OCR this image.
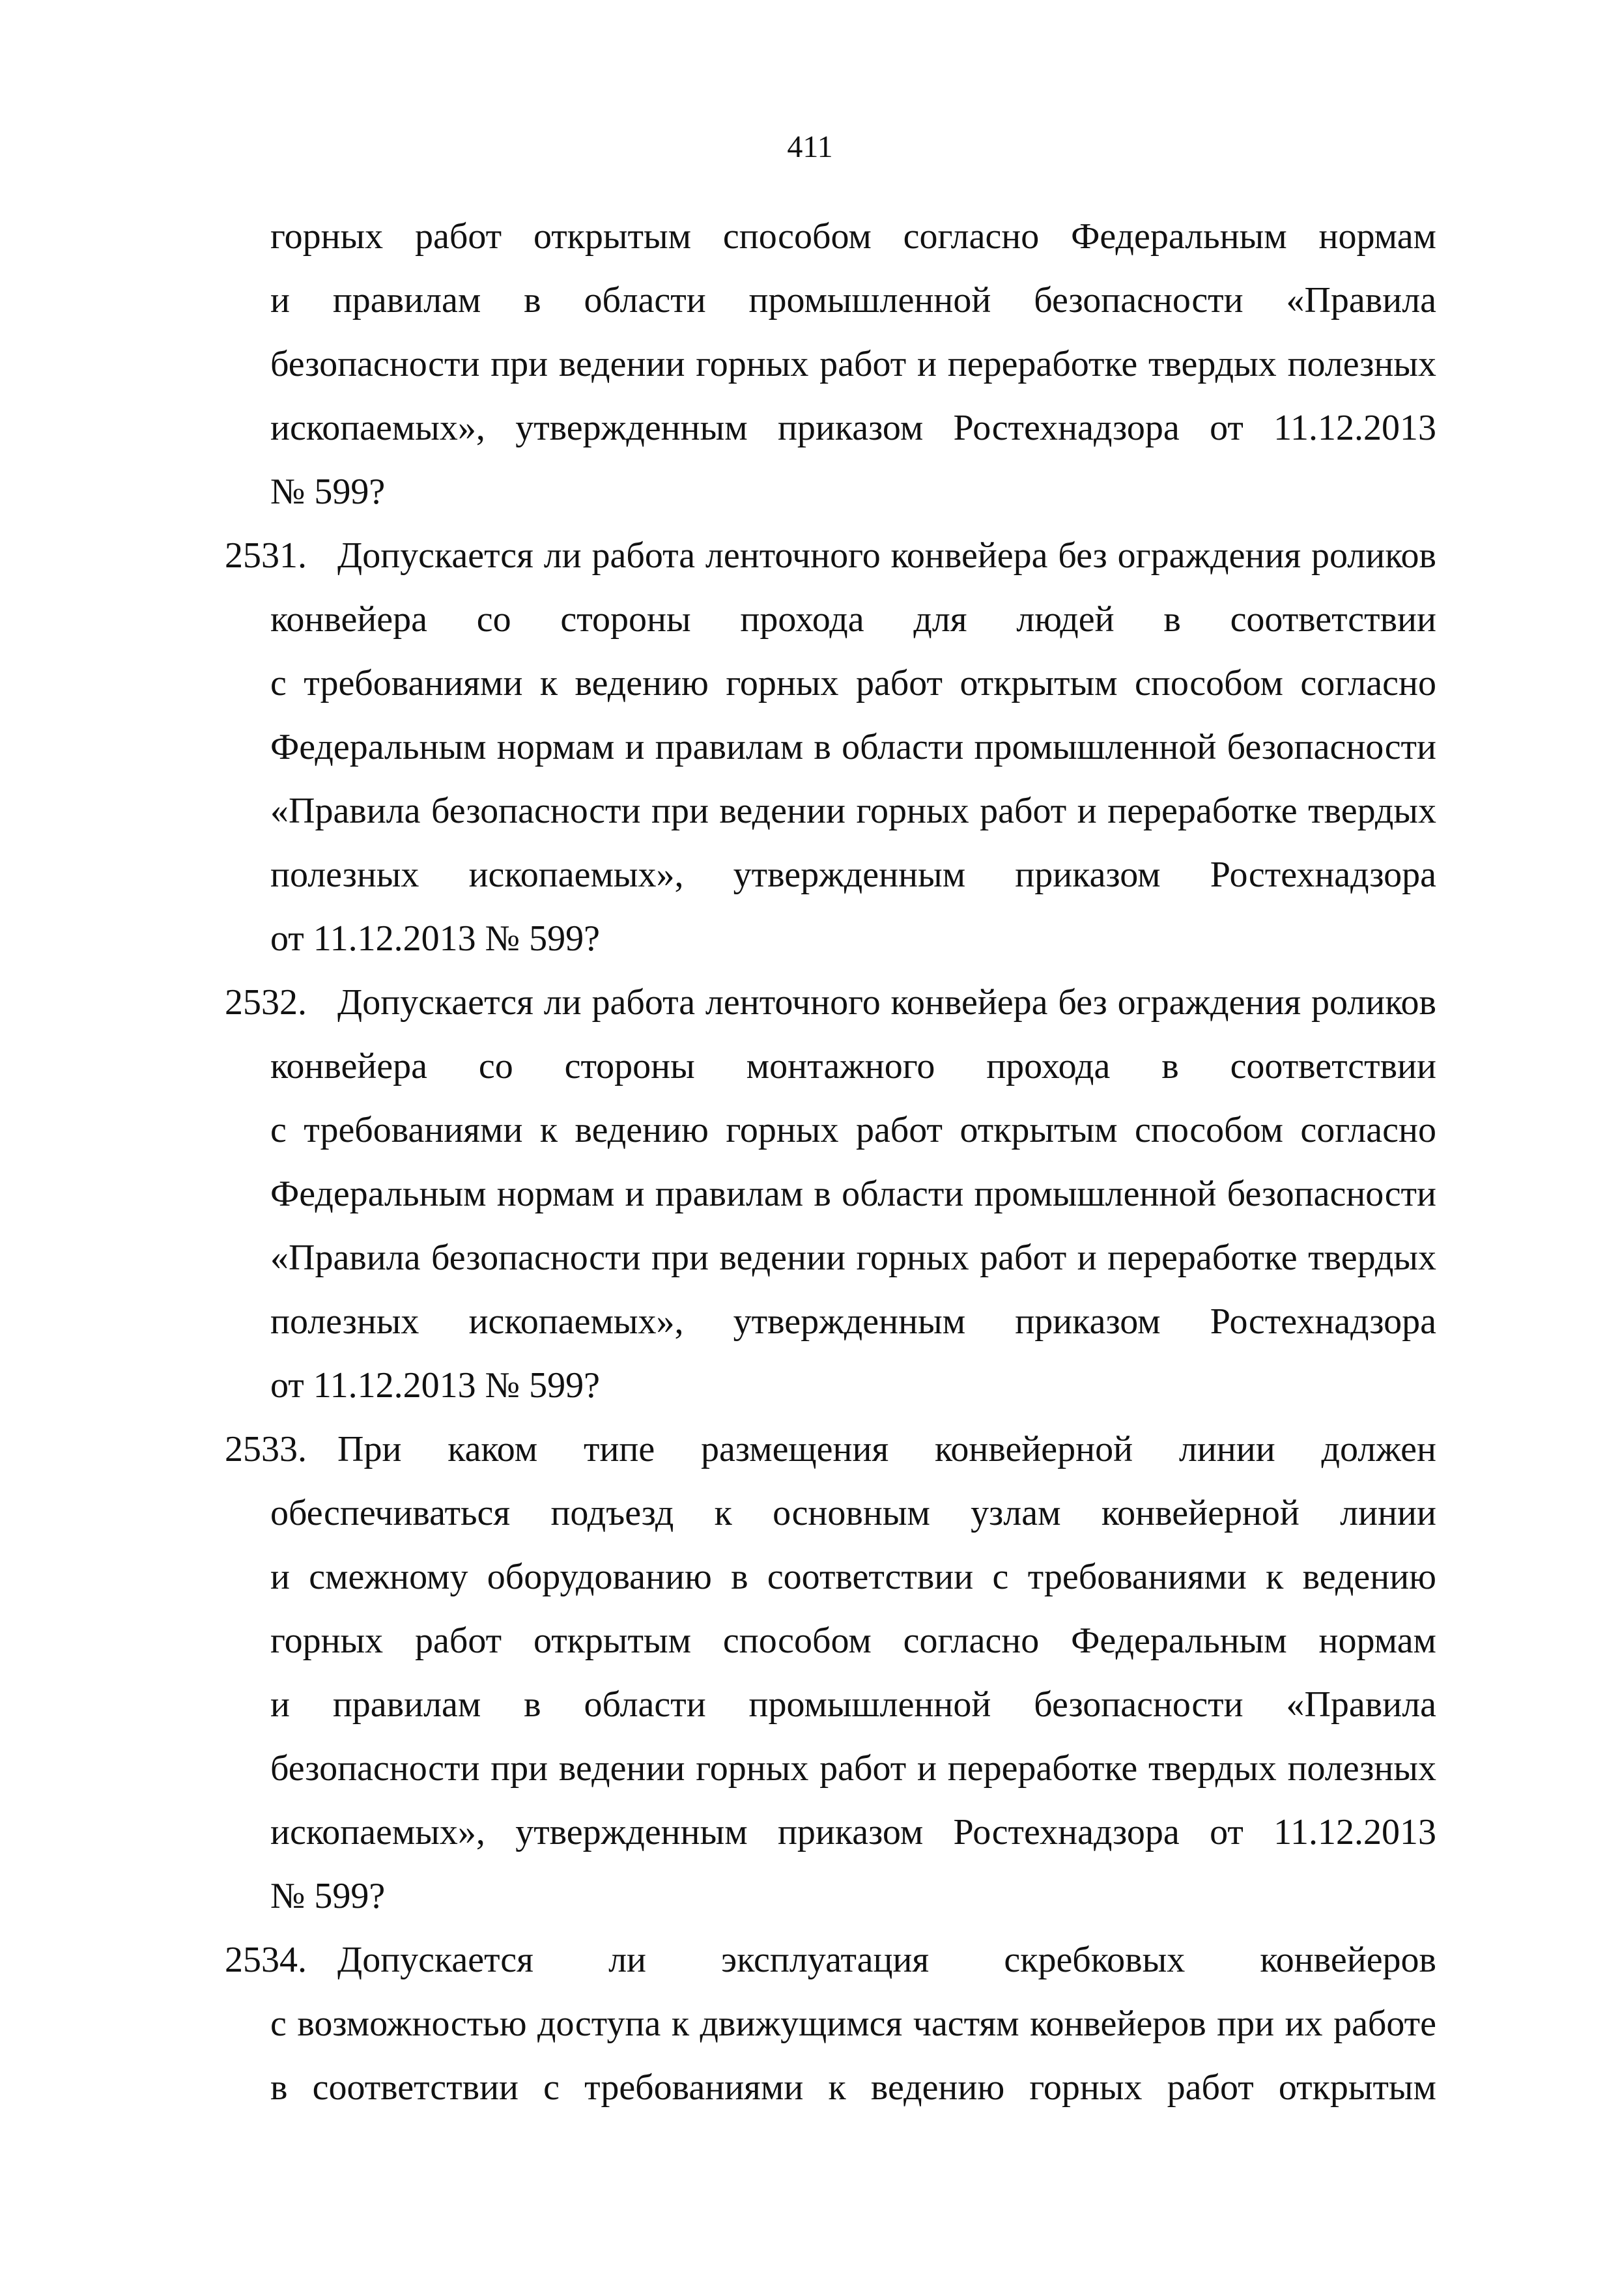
411
горных работ открытым способом согласно Федеральным нормам
и правилам в области промышленной безопасности «Правила
безопасности при ведении горных работ и переработке твердых полезных
ископаемых», утвержденным приказом Ростехнадзора от 11.12.2013
№ 599?
2531. Допускается ли работа ленточного конвейера без ограждения роликов
конвейера со стороны прохода для людей в соответствии
с требованиями к ведению горных работ открытым способом согласно
Федеральным нормам и правилам в области промышленной безопасности
«Правила безопасности при ведении горных работ и переработке твердых
полезных ископаемых», утвержденным приказом Ростехнадзора
от 11.12.2013 № 599?
2532. Допускается ли работа ленточного конвейера без ограждения роликов
конвейера со стороны монтажного прохода в соответствии
с требованиями к ведению горных работ открытым способом согласно
Федеральным нормам и правилам в области промышленной безопасности
«Правила безопасности при ведении горных работ и переработке твердых
полезных ископаемых», утвержденным приказом Ростехнадзора
от 11.12.2013 № 599?
2533. При каком типе размещения конвейерной линии должен
обеспечиваться подъезд к основным узлам конвейерной линии
и смежному оборудованию в соответствии с требованиями к ведению
горных работ открытым способом согласно Федеральным нормам
и правилам в области промышленной безопасности «Правила
безопасности при ведении горных работ и переработке твердых полезных
ископаемых», утвержденным приказом Ростехнадзора от 11.12.2013
№ 599?
2534. Допускается ли эксплуатация скребковых конвейеров
с возможностью доступа к движущимся частям конвейеров при их работе
в соответствии с требованиями к ведению горных работ открытым
